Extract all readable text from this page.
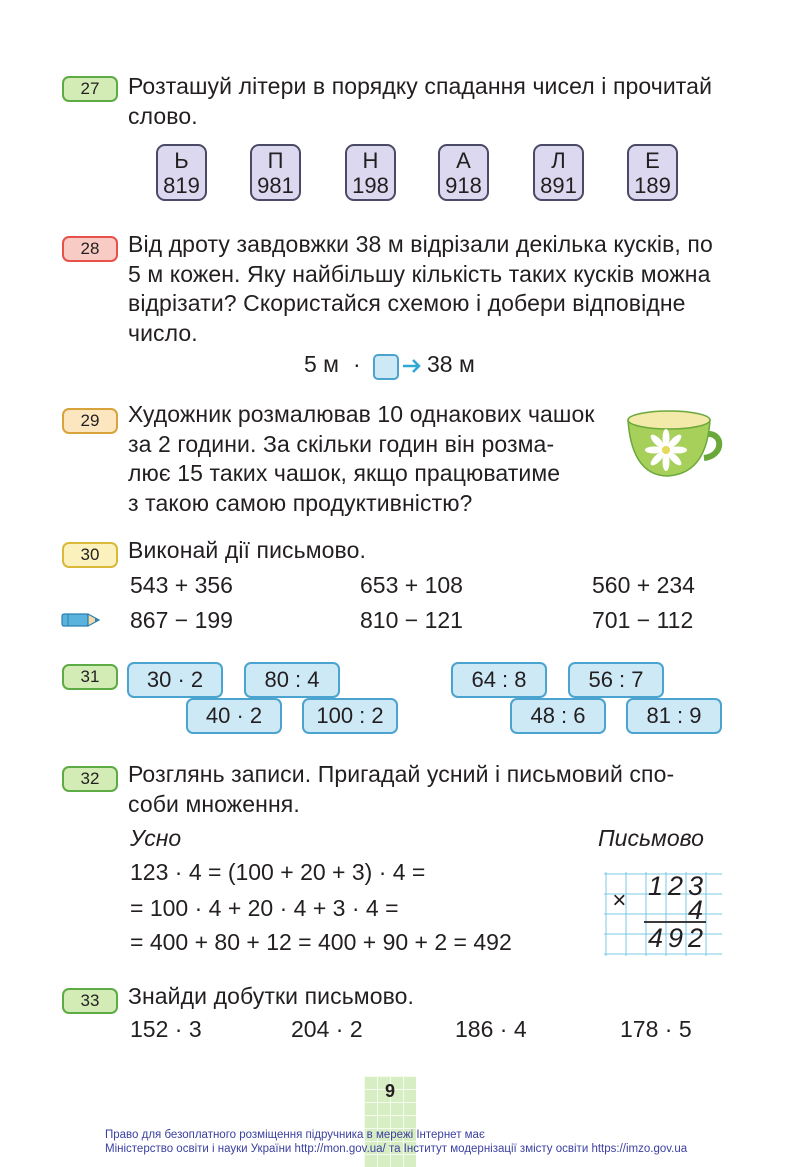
27	Розташуй літери в порядку спадання чисел і прочитай
слово.
Ь
819
П
981
Н
198
А
918
Л
891
Е
189
28	Від дроту завдовжки 38 м відрізали декілька кусків, по
5 м кожен. Яку найбільшу кількість таких кусків можна
відрізати? Скористайся схемою і добери відповідне
число.
5 м ·	38 м
29	Художник розмалював 10 однакових чашок
за 2 години. За скільки годин він розма-
лює 15 таких чашок, якщо працюватиме
з такою самою продуктивністю?
30	Виконай дії письмово.
543 + 356	653 + 108	560 + 234
867 − 199	810 − 121	701 − 112
31	30 · 2	80 : 4
40 · 2	100 : 2
64 : 8	56 : 7
48 : 6	81 : 9
32	Розглянь записи. Пригадай усний і письмовий спо-
соби множення.
Усно	Письмово
123 · 4 = (100 + 20 + 3) · 4 =
= 100 · 4 + 20 · 4 + 3 · 4 =
= 400 + 80 + 12 = 400 + 90 + 2 = 492
× 1 2 3
4
4 9 2
33	Знайди добутки письмово.
152 · 3	204 · 2	186 · 4	178 · 5
9
Право для безоплатного розміщення підручника в мережі Інтернет має
Міністерство освіти і науки України http://mon.gov.ua/ та Інститут модернізації змісту освіти https://imzo.gov.ua
